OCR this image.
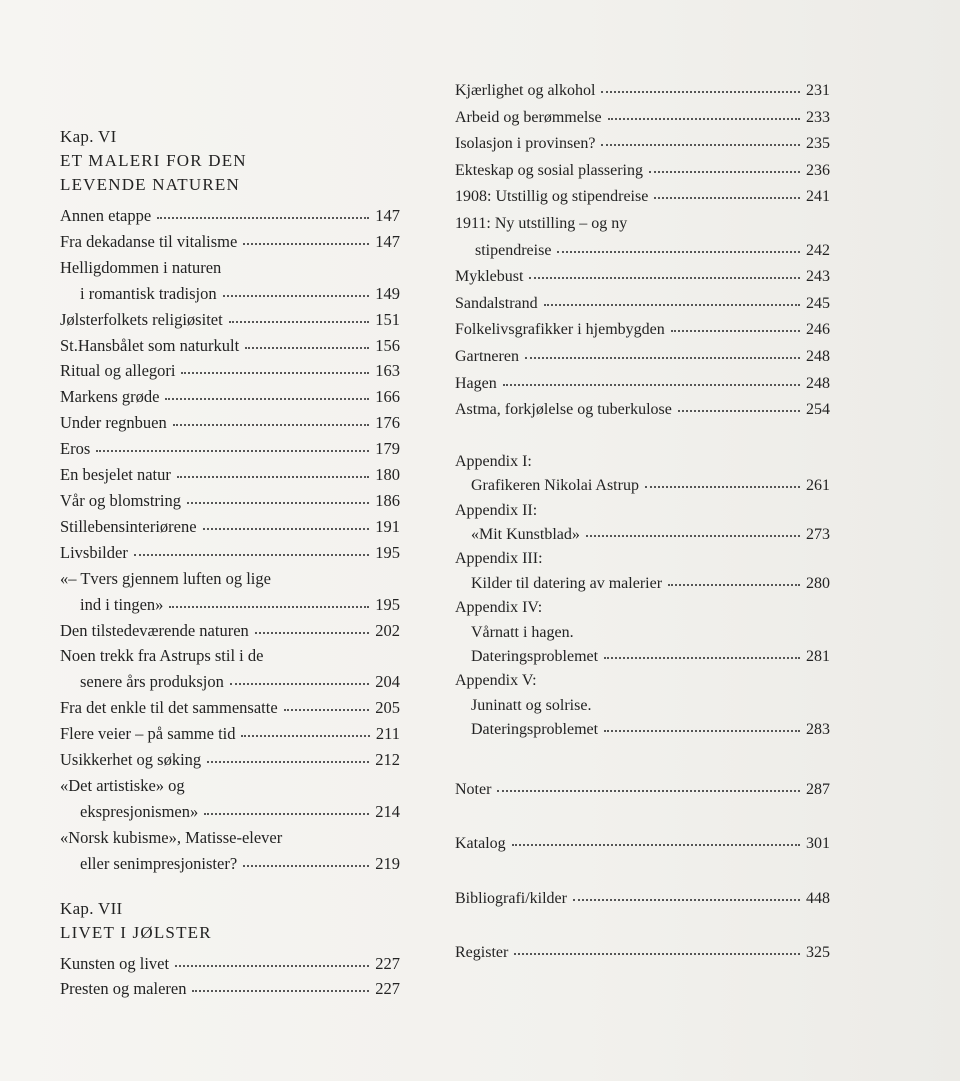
Kap. VI
ET MALERI FOR DEN
LEVENDE NATUREN
Annen etappe	147
Fra dekadanse til vitalisme	147
Helligdommen i naturen
i romantisk tradisjon	149
Jølsterfolkets religiøsitet	151
St.Hansbålet som naturkult	156
Ritual og allegori	163
Markens grøde	166
Under regnbuen	176
Eros	179
En besjelet natur	180
Vår og blomstring	186
Stillebensinteriørene	191
Livsbilder	195
«– Tvers gjennem luften og lige
ind i tingen»	195
Den tilstedeværende naturen	202
Noen trekk fra Astrups stil i de
senere års produksjon	204
Fra det enkle til det sammensatte	205
Flere veier – på samme tid	211
Usikkerhet og søking	212
«Det artistiske» og
ekspresjonismen»	214
«Norsk kubisme», Matisse-elever
eller senimpresjonister?	219
Kap. VII
LIVET I JØLSTER
Kunsten og livet	227
Presten og maleren	227
Kjærlighet og alkohol	231
Arbeid og berømmelse	233
Isolasjon i provinsen?	235
Ekteskap og sosial plassering	236
1908: Utstillig og stipendreise	241
1911: Ny utstilling – og ny
stipendreise	242
Myklebust	243
Sandalstrand	245
Folkelivsgrafikker i hjembygden	246
Gartneren	248
Hagen	248
Astma, forkjølelse og tuberkulose	254
Appendix I:
Grafikeren Nikolai Astrup	261
Appendix II:
«Mit Kunstblad»	273
Appendix III:
Kilder til datering av malerier	280
Appendix IV:
Vårnatt i hagen.
Dateringsproblemet	281
Appendix V:
Juninatt og solrise.
Dateringsproblemet	283
Noter	287
Katalog	301
Bibliografi/kilder	448
Register	325
